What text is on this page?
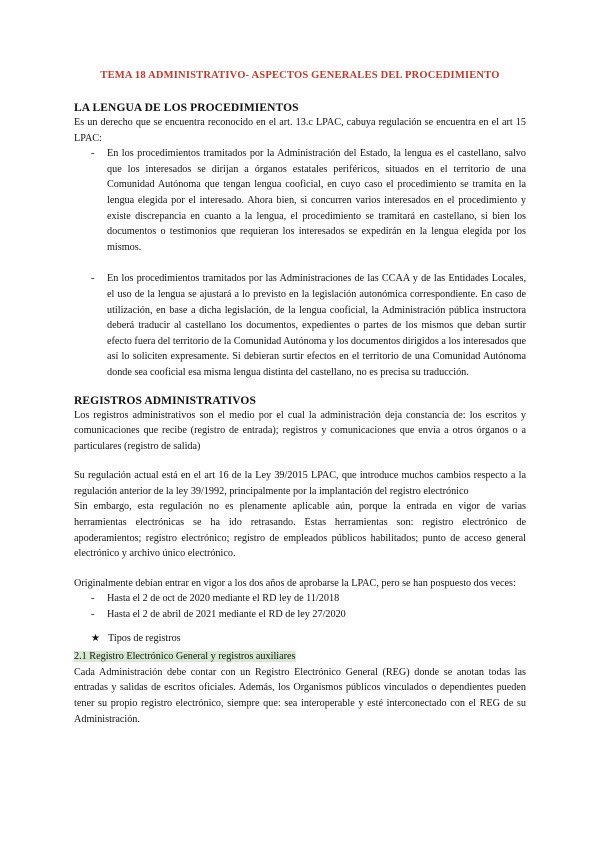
TEMA 18 ADMINISTRATIVO- ASPECTOS GENERALES DEL PROCEDIMIENTO
LA LENGUA DE LOS PROCEDIMIENTOS

Es un derecho que se encuentra reconocido en el art. 13.c LPAC, cabuya regulación se encuentra en el art 15 LPAC:

- En los procedimientos tramitados por la Administración del Estado, la lengua es el castellano, salvo que los interesados se dirijan a órganos estatales periféricos, situados en el territorio de una Comunidad Autónoma que tengan lengua cooficial, en cuyo caso el procedimiento se tramita en la lengua elegida por el interesado. Ahora bien, si concurren varios interesados en el procedimiento y existe discrepancia en cuanto a la lengua, el procedimiento se tramitará en castellano, si bien los documentos o testimonios que requieran los interesados se expedirán en la lengua elegida por los mismos.
- En los procedimientos tramitados por las Administraciones de las CCAA y de las Entidades Locales, el uso de la lengua se ajustará a lo previsto en la legislación autonómica correspondiente. En caso de utilización, en base a dicha legislación, de la lengua cooficial, la Administración pública instructora deberá traducir al castellano los documentos, expedientes o partes de los mismos que deban surtir efecto fuera del territorio de la Comunidad Autónoma y los documentos dirigidos a los interesados que así lo soliciten expresamente. Si debieran surtir efectos en el territorio de una Comunidad Autónoma donde sea cooficial esa misma lengua distinta del castellano, no es precisa su traducción.
REGISTROS ADMINISTRATIVOS

Los registros administrativos son el medio por el cual la administración deja constancia de: los escritos y comunicaciones que recibe (registro de entrada); registros y comunicaciones que envía a otros órganos o a particulares (registro de salida)

Su regulación actual está en el art 16 de la Ley 39/2015 LPAC, que introduce muchos cambios respecto a la regulación anterior de la ley 39/1992, principalmente por la implantación del registro electrónico

Sin embargo, esta regulación no es plenamente aplicable aún, porque la entrada en vigor de varias herramientas electrónicas se ha ido retrasando. Estas herramientas son: registro electrónico de apoderamientos; registro electrónico; registro de empleados públicos habilitados; punto de acceso general electrónico y archivo único electrónico.

Originalmente debían entrar en vigor a los dos años de aprobarse la LPAC, pero se han pospuesto dos veces:

- Hasta el 2 de oct de 2020 mediante el RD ley de 11/2018
- Hasta el 2 de abril de 2021 mediante el RD de ley 27/2020
★ Tipos de registros
2.1 Registro Electrónico General y registros auxiliares

Cada Administración debe contar con un Registro Electrónico General (REG) donde se anotan todas las entradas y salidas de escritos oficiales. Además, los Organismos públicos vinculados o dependientes pueden tener su propio registro electrónico, siempre que: sea interoperable y esté interconectado con el REG de su Administración.
